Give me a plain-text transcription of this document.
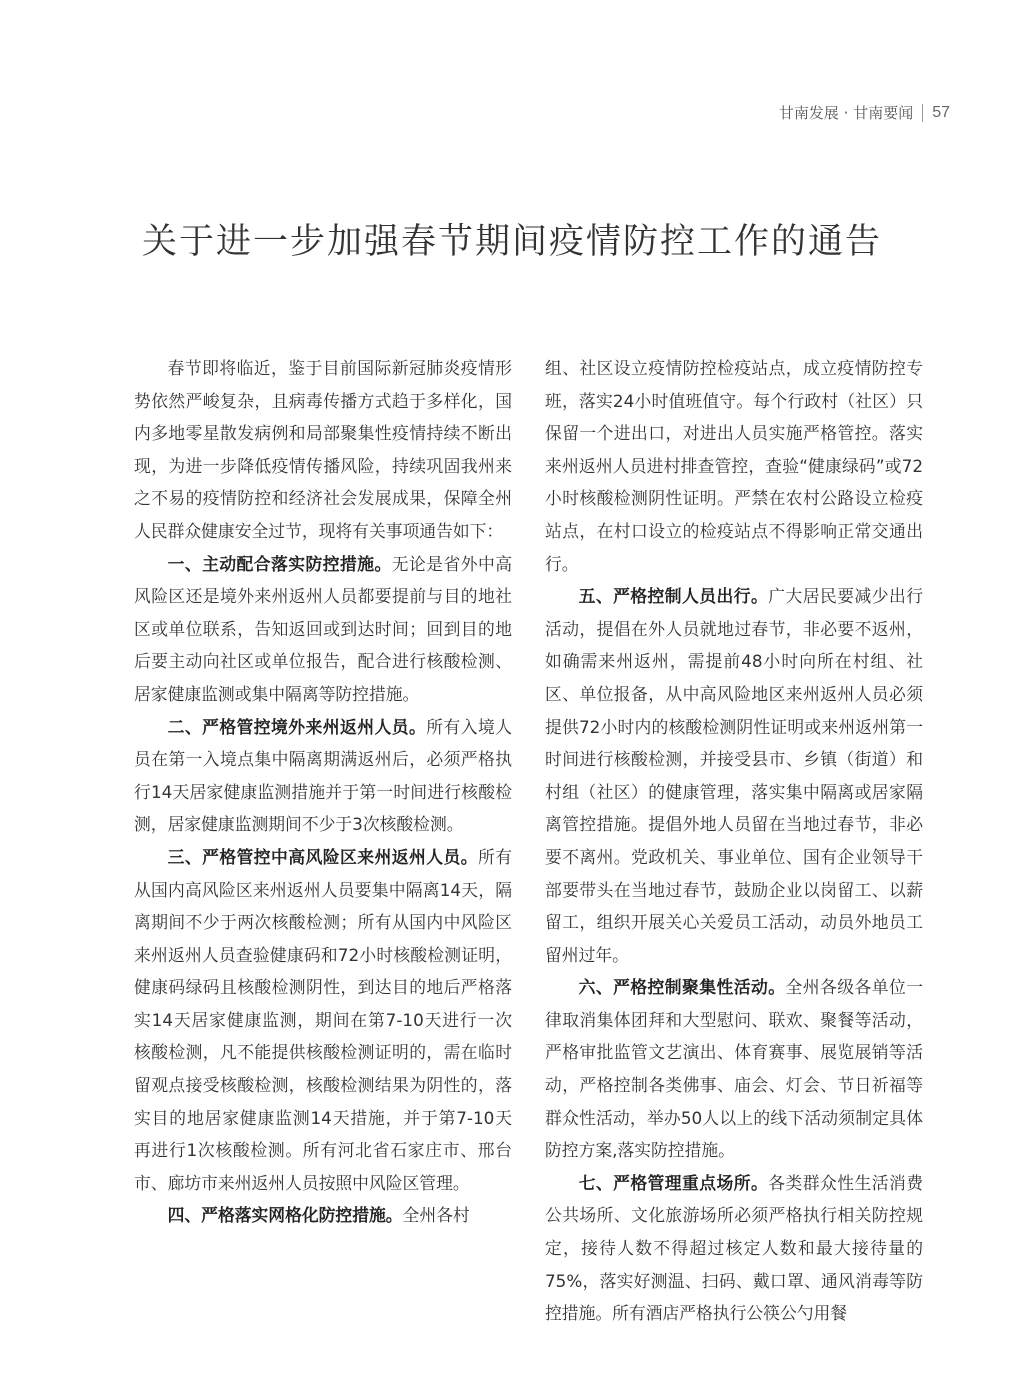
甘南发展 · 甘南要闻 57
关于进一步加强春节期间疫情防控工作的通告

春节即将临近，鉴于目前国际新冠肺炎疫情形势依然严峻复杂，且病毒传播方式趋于多样化，国内多地零星散发病例和局部聚集性疫情持续不断出现，为进一步降低疫情传播风险，持续巩固我州来之不易的疫情防控和经济社会发展成果，保障全州人民群众健康安全过节，现将有关事项通告如下：

一、主动配合落实防控措施。无论是省外中高风险区还是境外来州返州人员都要提前与目的地社区或单位联系，告知返回或到达时间；回到目的地后要主动向社区或单位报告，配合进行核酸检测、居家健康监测或集中隔离等防控措施。

二、严格管控境外来州返州人员。所有入境人员在第一入境点集中隔离期满返州后，必须严格执行14天居家健康监测措施并于第一时间进行核酸检测，居家健康监测期间不少于3次核酸检测。

三、严格管控中高风险区来州返州人员。所有从国内高风险区来州返州人员要集中隔离14天，隔离期间不少于两次核酸检测；所有从国内中风险区来州返州人员查验健康码和72小时核酸检测证明，健康码绿码且核酸检测阴性，到达目的地后严格落实14天居家健康监测，期间在第7-10天进行一次核酸检测，凡不能提供核酸检测证明的，需在临时留观点接受核酸检测，核酸检测结果为阴性的，落实目的地居家健康监测14天措施，并于第7-10天再进行1次核酸检测。所有河北省石家庄市、邢台市、廊坊市来州返州人员按照中风险区管理。

四、严格落实网格化防控措施。全州各村

组、社区设立疫情防控检疫站点，成立疫情防控专班，落实24小时值班值守。每个行政村（社区）只保留一个进出口，对进出人员实施严格管控。落实来州返州人员进村排查管控，查验“健康绿码”或72小时核酸检测阴性证明。严禁在农村公路设立检疫站点，在村口设立的检疫站点不得影响正常交通出行。

五、严格控制人员出行。广大居民要减少出行活动，提倡在外人员就地过春节，非必要不返州，如确需来州返州，需提前48小时向所在村组、社区、单位报备，从中高风险地区来州返州人员必须提供72小时内的核酸检测阴性证明或来州返州第一时间进行核酸检测，并接受县市、乡镇（街道）和村组（社区）的健康管理，落实集中隔离或居家隔离管控措施。提倡外地人员留在当地过春节，非必要不离州。党政机关、事业单位、国有企业领导干部要带头在当地过春节，鼓励企业以岗留工、以薪留工，组织开展关心关爱员工活动，动员外地员工留州过年。

六、严格控制聚集性活动。全州各级各单位一律取消集体团拜和大型慰问、联欢、聚餐等活动，严格审批监管文艺演出、体育赛事、展览展销等活动，严格控制各类佛事、庙会、灯会、节日祈福等群众性活动，举办50人以上的线下活动须制定具体防控方案,落实防控措施。

七、严格管理重点场所。各类群众性生活消费公共场所、文化旅游场所必须严格执行相关防控规定，接待人数不得超过核定人数和最大接待量的75%，落实好测温、扫码、戴口罩、通风消毒等防控措施。所有酒店严格执行公筷公勺用餐
